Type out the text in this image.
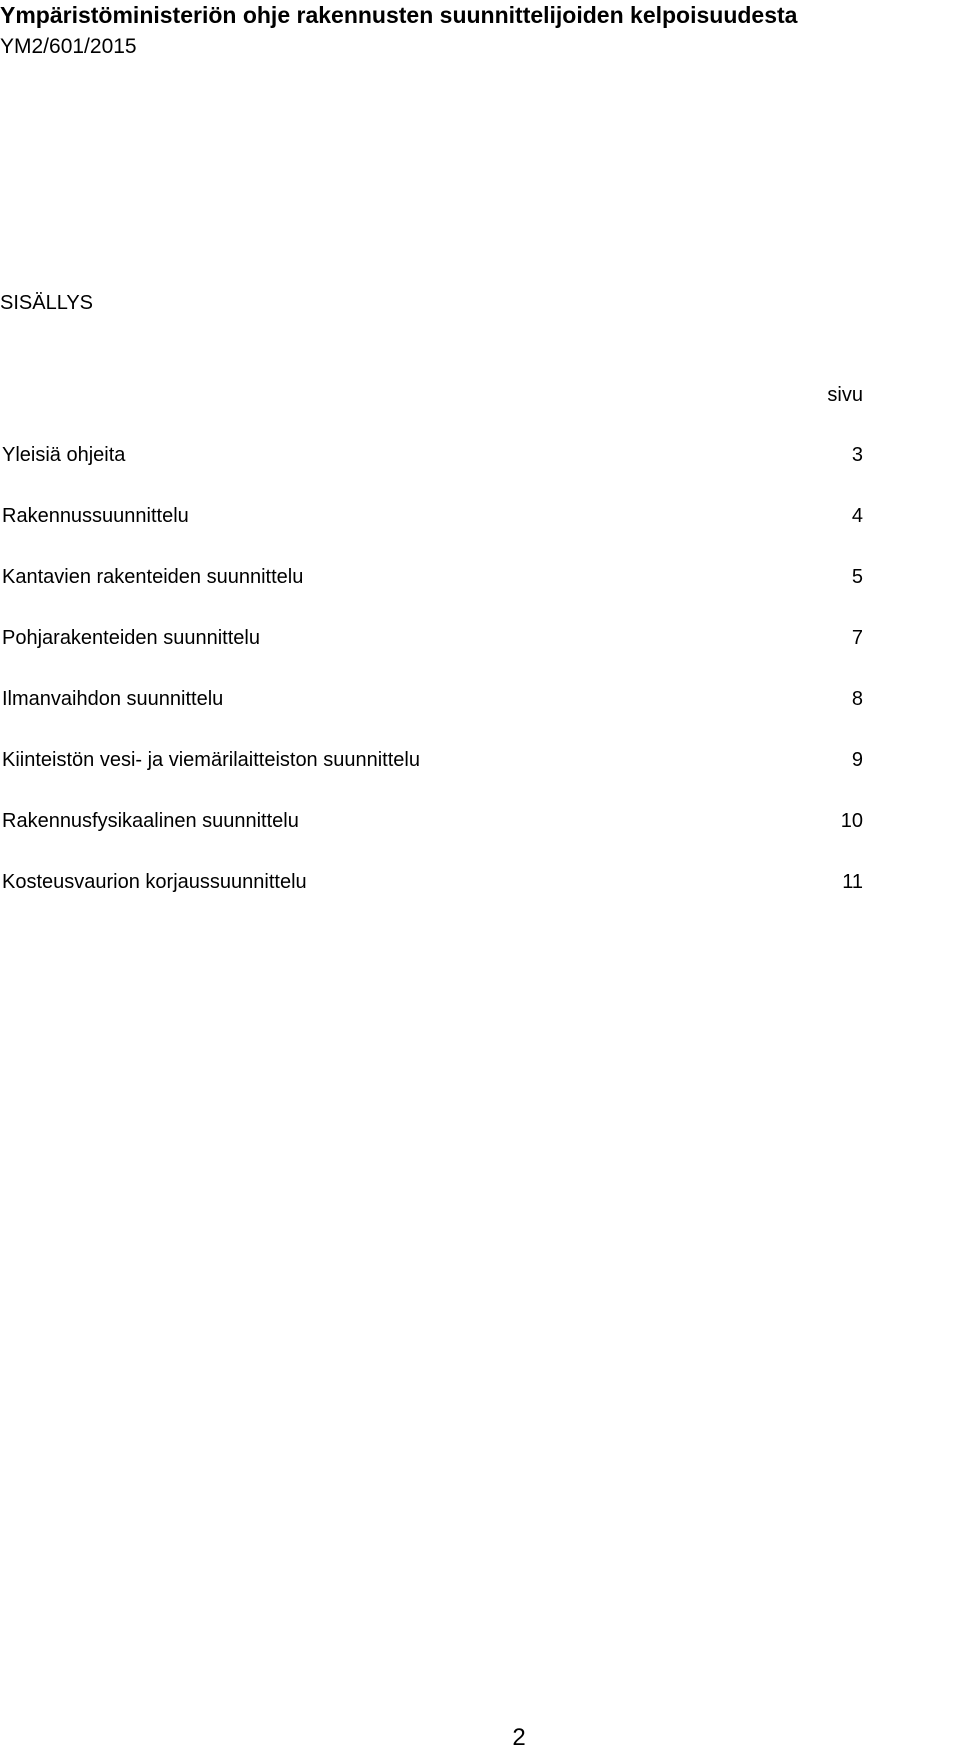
Ympäristöministeriön ohje rakennusten suunnittelijoiden kelpoisuudesta
YM2/601/2015
SISÄLLYS
sivu
Yleisiä ohjeita	3
Rakennussuunnittelu	4
Kantavien rakenteiden suunnittelu	5
Pohjarakenteiden suunnittelu	7
Ilmanvaihdon suunnittelu	8
Kiinteistön vesi- ja viemärilaitteiston suunnittelu	9
Rakennusfysikaalinen suunnittelu	10
Kosteusvaurion korjaussuunnittelu	11
2
